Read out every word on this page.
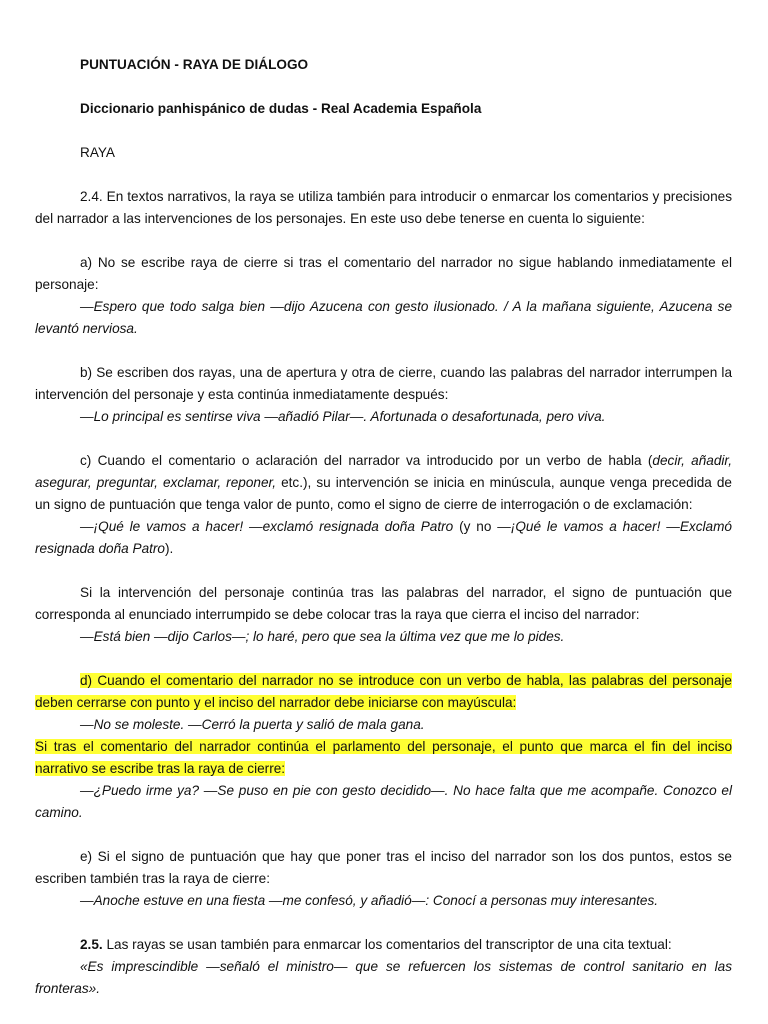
PUNTUACIÓN - RAYA DE DIÁLOGO

Diccionario panhispánico de dudas - Real Academia Española

RAYA

2.4. En textos narrativos, la raya se utiliza también para introducir o enmarcar los comentarios y precisiones del narrador a las intervenciones de los personajes. En este uso debe tenerse en cuenta lo siguiente:

a) No se escribe raya de cierre si tras el comentario del narrador no sigue hablando inmediatamente el personaje:

—Espero que todo salga bien —dijo Azucena con gesto ilusionado. / A la mañana siguiente, Azucena se levantó nerviosa.

b) Se escriben dos rayas, una de apertura y otra de cierre, cuando las palabras del narrador interrumpen la intervención del personaje y esta continúa inmediatamente después:

—Lo principal es sentirse viva —añadió Pilar—. Afortunada o desafortunada, pero viva.

c) Cuando el comentario o aclaración del narrador va introducido por un verbo de habla (decir, añadir, asegurar, preguntar, exclamar, reponer, etc.), su intervención se inicia en minúscula, aunque venga precedida de un signo de puntuación que tenga valor de punto, como el signo de cierre de interrogación o de exclamación:

—¡Qué le vamos a hacer! —exclamó resignada doña Patro (y no —¡Qué le vamos a hacer! —Exclamó resignada doña Patro).

Si la intervención del personaje continúa tras las palabras del narrador, el signo de puntuación que corresponda al enunciado interrumpido se debe colocar tras la raya que cierra el inciso del narrador:

—Está bien —dijo Carlos—; lo haré, pero que sea la última vez que me lo pides.

d) Cuando el comentario del narrador no se introduce con un verbo de habla, las palabras del personaje deben cerrarse con punto y el inciso del narrador debe iniciarse con mayúscula:

—No se moleste. —Cerró la puerta y salió de mala gana.

Si tras el comentario del narrador continúa el parlamento del personaje, el punto que marca el fin del inciso narrativo se escribe tras la raya de cierre:

—¿Puedo irme ya? —Se puso en pie con gesto decidido—. No hace falta que me acompañe. Conozco el camino.

e) Si el signo de puntuación que hay que poner tras el inciso del narrador son los dos puntos, estos se escriben también tras la raya de cierre:

—Anoche estuve en una fiesta —me confesó, y añadió—: Conocí a personas muy interesantes.

2.5. Las rayas se usan también para enmarcar los comentarios del transcriptor de una cita textual:

«Es imprescindible —señaló el ministro— que se refuercen los sistemas de control sanitario en las fronteras».
